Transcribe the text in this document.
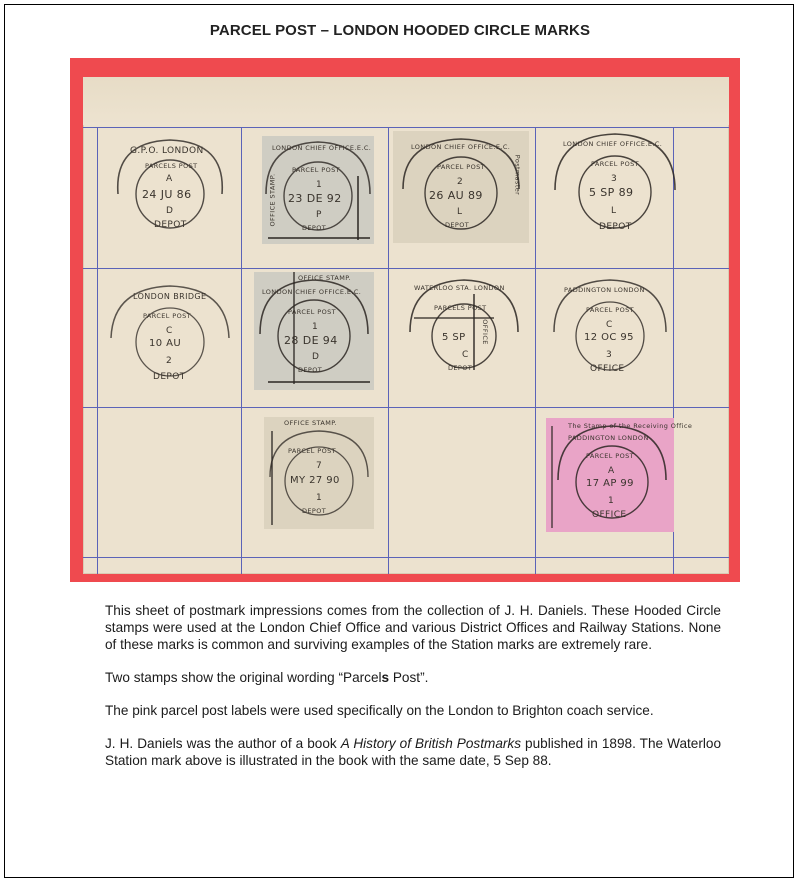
PARCEL POST – LONDON HOODED CIRCLE MARKS
G.P.O. LONDON
PARCELS POST
A
24 JU 86
D
DEPOT
LONDON CHIEF OFFICE.E.C.
PARCEL POST
1
23 DE 92
P
DEPOT
OFFICE STAMP.
LONDON CHIEF OFFICE.E.C.
PARCEL POST
2
26 AU 89
L
DEPOT
Postmaster
LONDON CHIEF OFFICE.E.C.
PARCEL POST
3
5 SP 89
L
DEPOT
LONDON BRIDGE
PARCEL POST
C
10 AU
2
DEPOT
OFFICE STAMP.
LONDON CHIEF OFFICE.E.C.
PARCEL POST
1
28 DE 94
D
DEPOT
WATERLOO STA. LONDON
PARCELS POST
5 SP
C
DEPOT
OFFICE
PADDINGTON LONDON
PARCEL POST
C
12 OC 95
3
OFFICE
OFFICE STAMP.
PARCEL POST
7
MY 27 90
1
DEPOT
The Stamp of the Receiving Office
PADDINGTON LONDON
PARCEL POST
A
17 AP 99
1
OFFICE

This sheet of postmark impressions comes from the collection of J. H. Daniels. These Hooded Circle stamps were used at the London Chief Office and various District Offices and Railway Stations. None of these marks is common and surviving examples of the Station marks are extremely rare.

Two stamps show the original wording “Parcels Post”.

The pink parcel post labels were used specifically on the London to Brighton coach service.

J. H. Daniels was the author of a book A History of British Postmarks published in 1898. The Waterloo Station mark above is illustrated in the book with the same date, 5 Sep 88.
